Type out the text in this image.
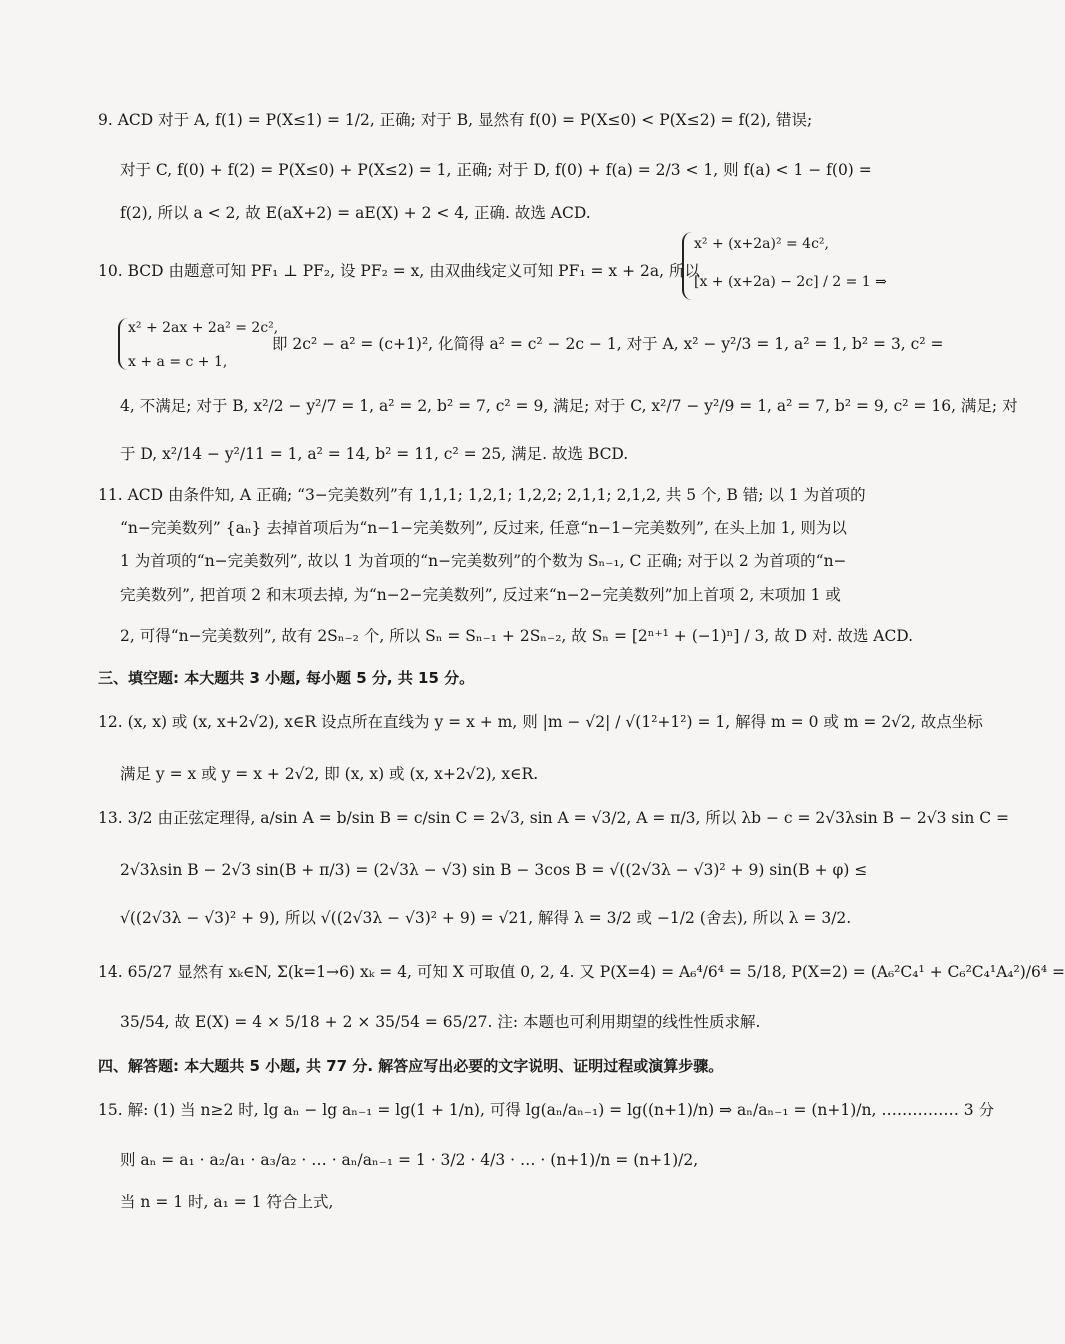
9. ACD 对于 A, f(1) = P(X≤1) = 1/2, 正确; 对于 B, 显然有 f(0) = P(X≤0) < P(X≤2) = f(2), 错误;
对于 C, f(0) + f(2) = P(X≤0) + P(X≤2) = 1, 正确; 对于 D, f(0) + f(a) = 2/3 < 1, 则 f(a) < 1 − f(0) =
f(2), 所以 a < 2, 故 E(aX+2) = aE(X) + 2 < 4, 正确. 故选 ACD.
10. BCD 由题意可知 PF₁ ⊥ PF₂, 设 PF₂ = x, 由双曲线定义可知 PF₁ = x + 2a, 所以
x² + (x+2a)² = 4c²,
[x + (x+2a) − 2c] / 2 = 1 ⇒
x² + 2ax + 2a² = 2c²,
x + a = c + 1,
即 2c² − a² = (c+1)², 化简得 a² = c² − 2c − 1, 对于 A, x² − y²/3 = 1, a² = 1, b² = 3, c² =
4, 不满足; 对于 B, x²/2 − y²/7 = 1, a² = 2, b² = 7, c² = 9, 满足; 对于 C, x²/7 − y²/9 = 1, a² = 7, b² = 9, c² = 16, 满足; 对
于 D, x²/14 − y²/11 = 1, a² = 14, b² = 11, c² = 25, 满足. 故选 BCD.
11. ACD 由条件知, A 正确; “3−完美数列”有 1,1,1; 1,2,1; 1,2,2; 2,1,1; 2,1,2, 共 5 个, B 错; 以 1 为首项的
“n−完美数列” {aₙ} 去掉首项后为“n−1−完美数列”, 反过来, 任意“n−1−完美数列”, 在头上加 1, 则为以
1 为首项的“n−完美数列”, 故以 1 为首项的“n−完美数列”的个数为 Sₙ₋₁, C 正确; 对于以 2 为首项的“n−
完美数列”, 把首项 2 和末项去掉, 为“n−2−完美数列”, 反过来“n−2−完美数列”加上首项 2, 末项加 1 或
2, 可得“n−完美数列”, 故有 2Sₙ₋₂ 个, 所以 Sₙ = Sₙ₋₁ + 2Sₙ₋₂, 故 Sₙ = [2ⁿ⁺¹ + (−1)ⁿ] / 3, 故 D 对. 故选 ACD.
三、填空题: 本大题共 3 小题, 每小题 5 分, 共 15 分。
12. (x, x) 或 (x, x+2√2), x∈R 设点所在直线为 y = x + m, 则 |m − √2| / √(1²+1²) = 1, 解得 m = 0 或 m = 2√2, 故点坐标
满足 y = x 或 y = x + 2√2, 即 (x, x) 或 (x, x+2√2), x∈R.
13. 3/2 由正弦定理得, a/sin A = b/sin B = c/sin C = 2√3, sin A = √3/2, A = π/3, 所以 λb − c = 2√3λsin B − 2√3 sin C =
2√3λsin B − 2√3 sin(B + π/3) = (2√3λ − √3) sin B − 3cos B = √((2√3λ − √3)² + 9) sin(B + φ) ≤
√((2√3λ − √3)² + 9), 所以 √((2√3λ − √3)² + 9) = √21, 解得 λ = 3/2 或 −1/2 (舍去), 所以 λ = 3/2.
14. 65/27 显然有 xₖ∈N, Σ(k=1→6) xₖ = 4, 可知 X 可取值 0, 2, 4. 又 P(X=4) = A₆⁴/6⁴ = 5/18, P(X=2) = (A₆²C₄¹ + C₆²C₄¹A₄²)/6⁴ =
35/54, 故 E(X) = 4 × 5/18 + 2 × 35/54 = 65/27. 注: 本题也可利用期望的线性性质求解.
四、解答题: 本大题共 5 小题, 共 77 分. 解答应写出必要的文字说明、证明过程或演算步骤。
15. 解: (1) 当 n≥2 时, lg aₙ − lg aₙ₋₁ = lg(1 + 1/n), 可得 lg(aₙ/aₙ₋₁) = lg((n+1)/n) ⇒ aₙ/aₙ₋₁ = (n+1)/n, …………… 3 分
则 aₙ = a₁ · a₂/a₁ · a₃/a₂ · … · aₙ/aₙ₋₁ = 1 · 3/2 · 4/3 · … · (n+1)/n = (n+1)/2,
当 n = 1 时, a₁ = 1 符合上式,
